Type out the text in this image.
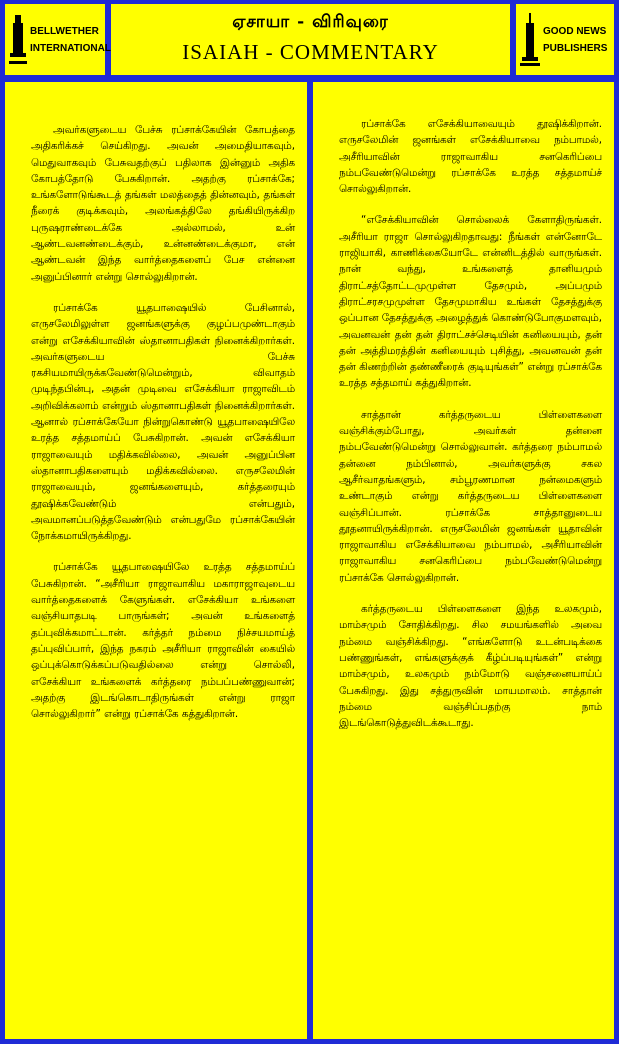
BELLWETHER
INTERNATIONAL
ஏசாயா - விரிவுரை
ISAIAH - COMMENTARY
GOOD NEWS
PUBLISHERS

அவர்களுடைய பேச்சு ரப்சாக்கேயின் கோபத்தை அதிகரிக்கச் செய்கிறது. அவன் அமைதியாகவும், மெதுவாகவும் பேசுவதற்குப் பதிலாக இன்னும் அதிக கோபத்தோடு பேசுகிறான். அதற்கு ரப்சாக்கே; உங்களோடுங்கூடத் தங்கள் மலத்தைத் தின்னவும், தங்கள் நீரைக் குடிக்கவும், அலங்கத்திலே தங்கியிருக்கிற புருஷராண்டைக்கே அல்லாமல், உன் ஆண்டவனண்டைக்கும், உன்னண்டைக்குமா, என் ஆண்டவன் இந்த வார்த்தைகளைப் பேச என்னை அனுப்பினார் என்று சொல்லுகிறான்.

ரப்சாக்கே யூதபாஷையில் பேசினால், எருசலேமிலுள்ள ஜனங்களுக்கு குழப்பமுண்டாகும் என்று எசேக்கியாவின் ஸ்தானாபதிகள் நினைக்கிறார்கள். அவர்களுடைய பேச்சு ரகசியமாயிருக்கவேண்டுமென்றும், விவாதம் முடிந்தபின்பு, அதன் முடிவை எசேக்கியா ராஜாவிடம் அறிவிக்கலாம் என்றும் ஸ்தானாபதிகள் நினைக்கிறார்கள். ஆனால் ரப்சாக்கேயோ நின்றுகொண்டு யூதபாஷையிலே உரத்த சத்தமாய்ப் பேசுகிறான். அவன் எசேக்கியா ராஜாவையும் மதிக்கவில்லை, அவன் அனுப்பின ஸ்தானாபதிகளையும் மதிக்கவில்லை. எருசலேமின் ராஜாவையும், ஜனங்களையும், கர்த்தரையும் தூஷிக்கவேண்டும் என்பதும், அவமானப்படுத்தவேண்டும் என்பதுமே ரப்சாக்கேயின் நோக்கமாயிருக்கிறது.

ரப்சாக்கே யூதபாஷையிலே உரத்த சத்தமாய்ப் பேசுகிறான். “அசீரியா ராஜாவாகிய மகாராஜாவுடைய வார்த்தைகளைக் கேளுங்கள். எசேக்கியா உங்களை வஞ்சியாதபடி பாருங்கள்; அவன் உங்களைத் தப்புவிக்கமாட்டான். கர்த்தர் நம்மை நிச்சயமாய்த் தப்புவிப்பார், இந்த நகரம் அசீரியா ராஜாவின் கையில் ஒப்புக்கொடுக்கப்படுவதில்லை என்று சொல்லி, எசேக்கியா உங்களைக் கர்த்தரை நம்பப்பண்ணுவான்; அதற்கு இடங்கொடாதிருங்கள் என்று ராஜா சொல்லுகிறார்” என்று ரப்சாக்கே கத்துகிறான்.

ரப்சாக்கே எசேக்கியாவையும் தூஷிக்கிறான். எருசலேமின் ஜனங்கள் எசேக்கியாவை நம்பாமல், அசீரியாவின் ராஜாவாகிய சனகெரிப்பை நம்பவேண்டுமென்று ரப்சாக்கே உரத்த சத்தமாய்ச் சொல்லுகிறான்.

“எசேக்கியாவின் சொல்லைக் கேளாதிருங்கள். அசீரியா ராஜா சொல்லுகிறதாவது: நீங்கள் என்னோடே ராஜியாகி, காணிக்கையோடே என்னிடத்தில் வாருங்கள். நான் வந்து, உங்களைத் தானியமும் திராட்சத்தோட்டமுமுள்ள தேசமும், அப்பமும் திராட்சரசமுமுள்ள தேசமுமாகிய உங்கள் தேசத்துக்கு ஒப்பான தேசத்துக்கு அழைத்துக் கொண்டுபோகுமளவும், அவனவன் தன் தன் திராட்சச்செடியின் கனியையும், தன் தன் அத்திமரத்தின் கனியையும் புசித்து, அவனவன் தன் தன் கிணற்றின் தண்ணீரைக் குடியுங்கள்” என்று ரப்சாக்கே உரத்த சத்தமாய் கத்துகிறான்.

சாத்தான் கர்த்தருடைய பிள்ளைகளை வஞ்சிக்கும்போது, அவர்கள் தன்னை நம்பவேண்டுமென்று சொல்லுவான். கர்த்தரை நம்பாமல் தன்னை நம்பினால், அவர்களுக்கு சகல ஆசீர்வாதங்களும், சம்பூரணமான நன்மைகளும் உண்டாகும் என்று கர்த்தருடைய பிள்ளைகளை வஞ்சிப்பான். ரப்சாக்கே சாத்தானுடைய தூதனாயிருக்கிறான். எருசலேமின் ஜனங்கள் யூதாவின் ராஜாவாகிய எசேக்கியாவை நம்பாமல், அசீரியாவின் ராஜாவாகிய சனகெரிப்பை நம்பவேண்டுமென்று ரப்சாக்கே சொல்லுகிறான்.

கர்த்தருடைய பிள்ளைகளை இந்த உலகமும், மாம்சமும் சோதிக்கிறது. சில சமயங்களில் அவை நம்மை வஞ்சிக்கிறது. “எங்களோடு உடன்படிக்கை பண்ணுங்கள், எங்களுக்குக் கீழ்ப்படியுங்கள்” என்று மாம்சமும், உலகமும் நம்மோடு வஞ்சனையாய்ப் பேசுகிறது. இது சத்துருவின் மாயமாலம். சாத்தான் நம்மை வஞ்சிப்பதற்கு நாம் இடங்கொடுத்துவிடக்கூடாது.
